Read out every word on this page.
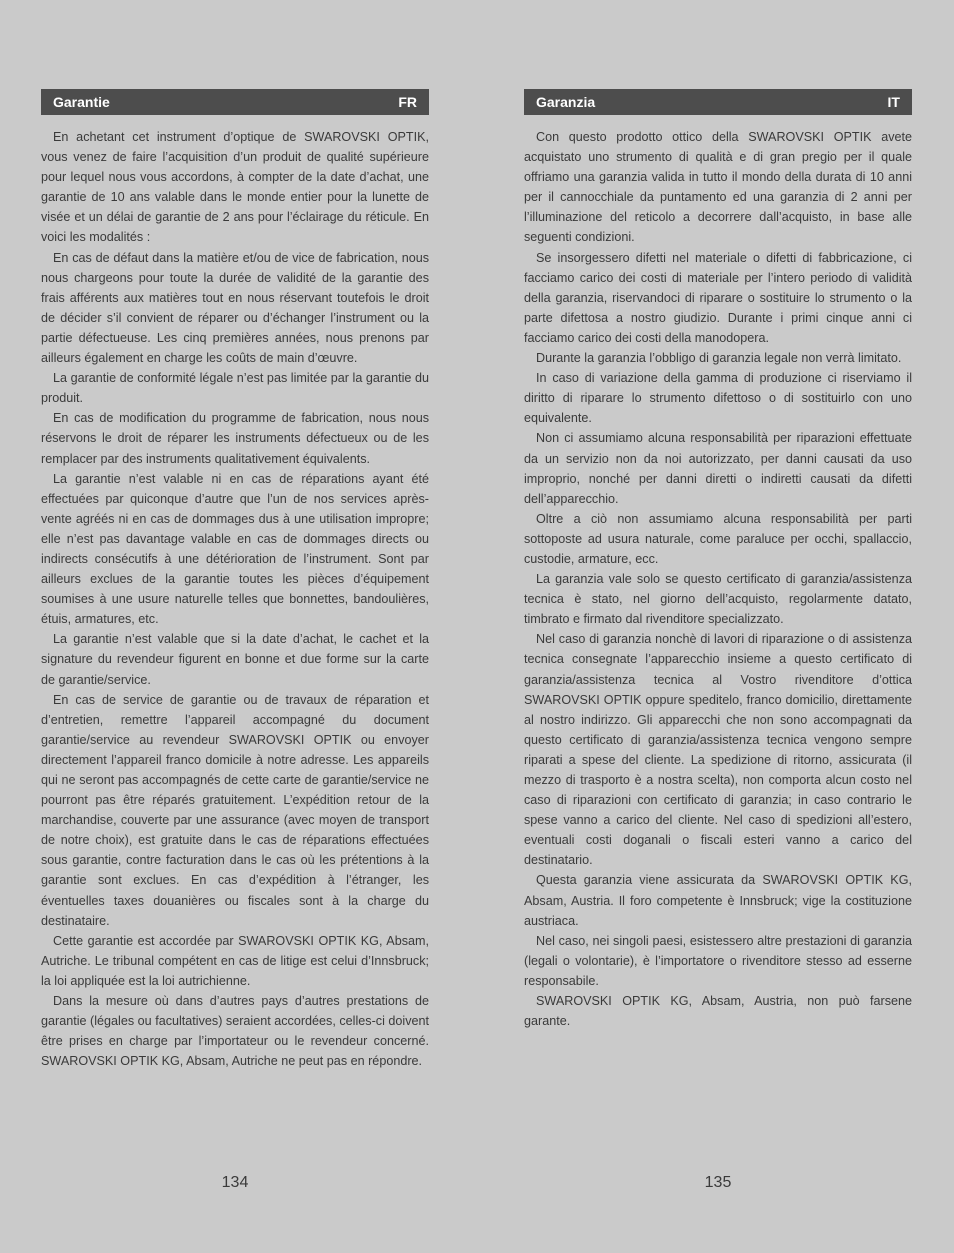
Garantie	FR

En achetant cet instrument d’optique de SWAROVSKI OPTIK, vous venez de faire l’acquisition d’un produit de qualité supérieure pour lequel nous vous accordons, à compter de la date d’achat, une garantie de 10 ans valable dans le monde entier pour la lunette de visée et un délai de garantie de 2 ans pour l’éclairage du réticule. En voici les modalités :

En cas de défaut dans la matière et/ou de vice de fabrication, nous nous chargeons pour toute la durée de validité de la garantie des frais afférents aux matières tout en nous réservant toutefois le droit de décider s’il convient de réparer ou d’échanger l’instrument ou la partie défectueuse. Les cinq premières années, nous prenons par ailleurs également en charge les coûts de main d’œuvre.

La garantie de conformité légale n’est pas limitée par la garantie du produit.

En cas de modification du programme de fabrication, nous nous réservons le droit de réparer les instruments défectueux ou de les remplacer par des instruments qualitativement équivalents.

La garantie n’est valable ni en cas de réparations ayant été effectuées par quiconque d’autre que l’un de nos services après-vente agréés ni en cas de dommages dus à une utilisation impropre; elle n’est pas davantage valable en cas de dommages directs ou indirects consécutifs à une détérioration de l’instrument. Sont par ailleurs exclues de la garantie toutes les pièces d’équipement soumises à une usure naturelle telles que bonnettes, bandoulières, étuis, armatures, etc.

La garantie n’est valable que si la date d’achat, le cachet et la signature du revendeur figurent en bonne et due forme sur la carte de garantie/service.

En cas de service de garantie ou de travaux de réparation et d’entretien, remettre l’appareil accompagné du document garantie/service au revendeur SWAROVSKI OPTIK ou envoyer directement l’appareil franco domicile à notre adresse. Les appareils qui ne seront pas accompagnés de cette carte de garantie/service ne pourront pas être réparés gratuitement. L’expédition retour de la marchandise, couverte par une assurance (avec moyen de transport de notre choix), est gratuite dans le cas de réparations effectuées sous garantie, contre facturation dans le cas où les prétentions à la garantie sont exclues. En cas d’expédition à l’étranger, les éventuelles taxes douanières ou fiscales sont à la charge du destinataire.

Cette garantie est accordée par SWAROVSKI OPTIK KG, Absam, Autriche. Le tribunal compétent en cas de litige est celui d’Innsbruck; la loi appliquée est la loi autrichienne.

Dans la mesure où dans d’autres pays d’autres prestations de garantie (légales ou facultatives) seraient accordées, celles-ci doivent être prises en charge par l’importateur ou le revendeur concerné. SWAROVSKI OPTIK KG, Absam, Autriche ne peut pas en répondre.

Garanzia	IT

Con questo prodotto ottico della SWAROVSKI OPTIK avete acquistato uno strumento di qualità e di gran pregio per il quale offriamo una garanzia valida in tutto il mondo della durata di 10 anni per il cannocchiale da puntamento ed una garanzia di 2 anni per l’illuminazione del reticolo a decorrere dall’acquisto, in base alle seguenti condizioni.

Se insorgessero difetti nel materiale o difetti di fabbricazione, ci facciamo carico dei costi di materiale per l’intero periodo di validità della garanzia, riservandoci di riparare o sostituire lo strumento o la parte difettosa a nostro giudizio. Durante i primi cinque anni ci facciamo carico dei costi della manodopera.

Durante la garanzia l’obbligo di garanzia legale non verrà limitato.

In caso di variazione della gamma di produzione ci riserviamo il diritto di riparare lo strumento difettoso o di sostituirlo con uno equivalente.

Non ci assumiamo alcuna responsabilità per riparazioni effettuate da un servizio non da noi autorizzato, per danni causati da uso improprio, nonché per danni diretti o indiretti causati da difetti dell’apparecchio.

Oltre a ciò non assumiamo alcuna responsabilità per parti sottoposte ad usura naturale, come paraluce per occhi, spallaccio, custodie, armature, ecc.

La garanzia vale solo se questo certificato di garanzia/assistenza tecnica è stato, nel giorno dell’acquisto, regolarmente datato, timbrato e firmato dal rivenditore specializzato.

Nel caso di garanzia nonchè di lavori di riparazione o di assistenza tecnica consegnate l’apparecchio insieme a questo certificato di garanzia/assistenza tecnica al Vostro rivenditore d’ottica SWAROVSKI OPTIK oppure speditelo, franco domicilio, direttamente al nostro indirizzo. Gli apparecchi che non sono accompagnati da questo certificato di garanzia/assistenza tecnica vengono sempre riparati a spese del cliente. La spedizione di ritorno, assicurata (il mezzo di trasporto è a nostra scelta), non comporta alcun costo nel caso di riparazioni con certificato di garanzia; in caso contrario le spese vanno a carico del cliente. Nel caso di spedizioni all’estero, eventuali costi doganali o fiscali esteri vanno a carico del destinatario.

Questa garanzia viene assicurata da SWAROVSKI OPTIK KG, Absam, Austria. Il foro competente è Innsbruck; vige la costituzione austriaca.

Nel caso, nei singoli paesi, esistessero altre prestazioni di garanzia (legali o volontarie), è l’importatore o rivenditore stesso ad esserne responsabile.

SWAROVSKI OPTIK KG, Absam, Austria, non può farsene garante.

134	135
